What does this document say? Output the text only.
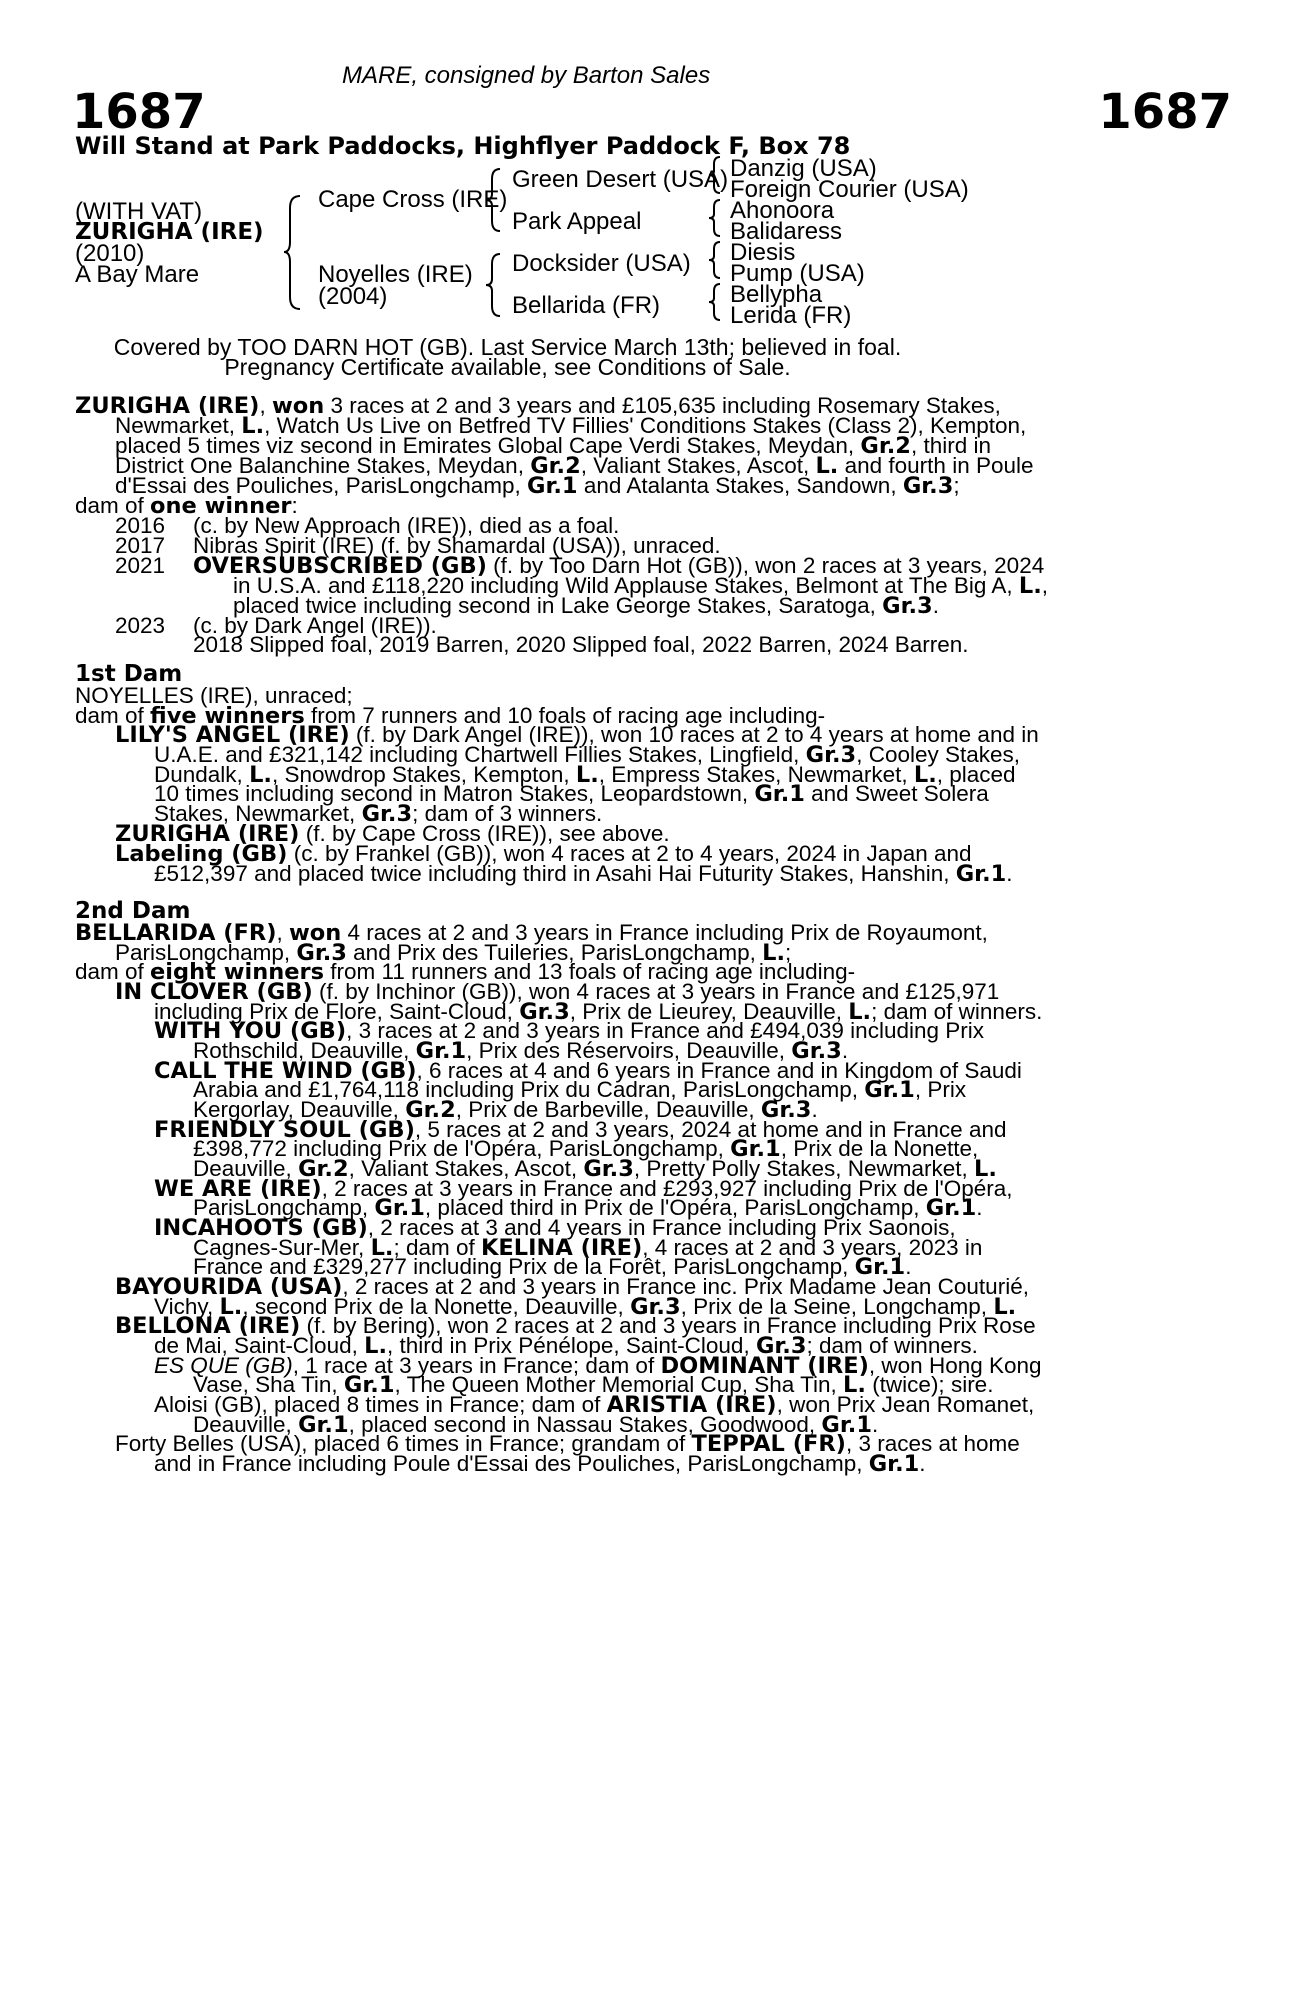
MARE, consigned by Barton Sales
1687	1687
Will Stand at Park Paddocks, Highflyer Paddock F, Box 78
(WITH VAT)
ZURIGHA (IRE)
(2010)
A Bay Mare
Cape Cross (IRE)
Noyelles (IRE)
(2004)
Green Desert (USA)
Park Appeal
Docksider (USA)
Bellarida (FR)
Danzig (USA)
Foreign Courier (USA)
Ahonoora
Balidaress
Diesis
Pump (USA)
Bellypha
Lerida (FR)
Covered by TOO DARN HOT (GB). Last Service March 13th; believed in foal.
Pregnancy Certificate available, see Conditions of Sale.
ZURIGHA (IRE), won 3 races at 2 and 3 years and £105,635 including Rosemary Stakes,
Newmarket, L., Watch Us Live on Betfred TV Fillies' Conditions Stakes (Class 2), Kempton,
placed 5 times viz second in Emirates Global Cape Verdi Stakes, Meydan, Gr.2, third in
District One Balanchine Stakes, Meydan, Gr.2, Valiant Stakes, Ascot, L. and fourth in Poule
d'Essai des Pouliches, ParisLongchamp, Gr.1 and Atalanta Stakes, Sandown, Gr.3;
dam of one winner:
2016 (c. by New Approach (IRE)), died as a foal.
2017 Nibras Spirit (IRE) (f. by Shamardal (USA)), unraced.
2021 OVERSUBSCRIBED (GB) (f. by Too Darn Hot (GB)), won 2 races at 3 years, 2024
in U.S.A. and £118,220 including Wild Applause Stakes, Belmont at The Big A, L.,
placed twice including second in Lake George Stakes, Saratoga, Gr.3.
2023 (c. by Dark Angel (IRE)).
2018 Slipped foal, 2019 Barren, 2020 Slipped foal, 2022 Barren, 2024 Barren.
1st Dam
NOYELLES (IRE), unraced;
dam of five winners from 7 runners and 10 foals of racing age including-
LILY'S ANGEL (IRE) (f. by Dark Angel (IRE)), won 10 races at 2 to 4 years at home and in
U.A.E. and £321,142 including Chartwell Fillies Stakes, Lingfield, Gr.3, Cooley Stakes,
Dundalk, L., Snowdrop Stakes, Kempton, L., Empress Stakes, Newmarket, L., placed
10 times including second in Matron Stakes, Leopardstown, Gr.1 and Sweet Solera
Stakes, Newmarket, Gr.3; dam of 3 winners.
ZURIGHA (IRE) (f. by Cape Cross (IRE)), see above.
Labeling (GB) (c. by Frankel (GB)), won 4 races at 2 to 4 years, 2024 in Japan and
£512,397 and placed twice including third in Asahi Hai Futurity Stakes, Hanshin, Gr.1.
2nd Dam
BELLARIDA (FR), won 4 races at 2 and 3 years in France including Prix de Royaumont,
ParisLongchamp, Gr.3 and Prix des Tuileries, ParisLongchamp, L.;
dam of eight winners from 11 runners and 13 foals of racing age including-
IN CLOVER (GB) (f. by Inchinor (GB)), won 4 races at 3 years in France and £125,971
including Prix de Flore, Saint-Cloud, Gr.3, Prix de Lieurey, Deauville, L.; dam of winners.
WITH YOU (GB), 3 races at 2 and 3 years in France and £494,039 including Prix
Rothschild, Deauville, Gr.1, Prix des Réservoirs, Deauville, Gr.3.
CALL THE WIND (GB), 6 races at 4 and 6 years in France and in Kingdom of Saudi
Arabia and £1,764,118 including Prix du Cadran, ParisLongchamp, Gr.1, Prix
Kergorlay, Deauville, Gr.2, Prix de Barbeville, Deauville, Gr.3.
FRIENDLY SOUL (GB), 5 races at 2 and 3 years, 2024 at home and in France and
£398,772 including Prix de l'Opéra, ParisLongchamp, Gr.1, Prix de la Nonette,
Deauville, Gr.2, Valiant Stakes, Ascot, Gr.3, Pretty Polly Stakes, Newmarket, L.
WE ARE (IRE), 2 races at 3 years in France and £293,927 including Prix de l'Opéra,
ParisLongchamp, Gr.1, placed third in Prix de l'Opéra, ParisLongchamp, Gr.1.
INCAHOOTS (GB), 2 races at 3 and 4 years in France including Prix Saonois,
Cagnes-Sur-Mer, L.; dam of KELINA (IRE), 4 races at 2 and 3 years, 2023 in
France and £329,277 including Prix de la Forêt, ParisLongchamp, Gr.1.
BAYOURIDA (USA), 2 races at 2 and 3 years in France inc. Prix Madame Jean Couturié,
Vichy, L., second Prix de la Nonette, Deauville, Gr.3, Prix de la Seine, Longchamp, L.
BELLONA (IRE) (f. by Bering), won 2 races at 2 and 3 years in France including Prix Rose
de Mai, Saint-Cloud, L., third in Prix Pénélope, Saint-Cloud, Gr.3; dam of winners.
ES QUE (GB), 1 race at 3 years in France; dam of DOMINANT (IRE), won Hong Kong
Vase, Sha Tin, Gr.1, The Queen Mother Memorial Cup, Sha Tin, L. (twice); sire.
Aloisi (GB), placed 8 times in France; dam of ARISTIA (IRE), won Prix Jean Romanet,
Deauville, Gr.1, placed second in Nassau Stakes, Goodwood, Gr.1.
Forty Belles (USA), placed 6 times in France; grandam of TEPPAL (FR), 3 races at home
and in France including Poule d'Essai des Pouliches, ParisLongchamp, Gr.1.
